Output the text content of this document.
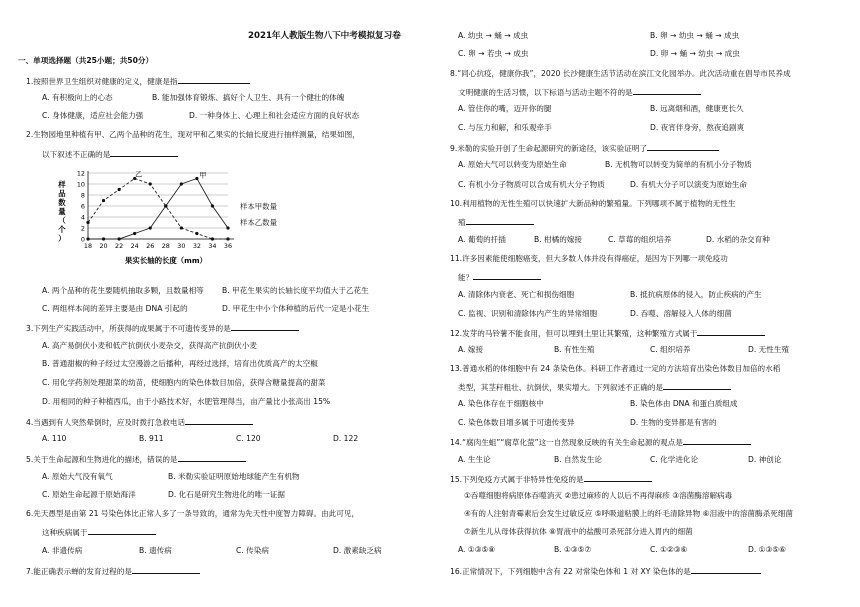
2021年人教版生物八下中考模拟复习卷
一、单项选择题（共25小题；共50分）
1.按照世界卫生组织对健康的定义，健康是指
A. 有积极向上的心态	B. 能加强体育锻炼、搞好个人卫生、具有一个健壮的体魄
C. 身体健康，适应社会能力强	D. 一种身体上、心理上和社会适应方面的良好状态
2.生物园地里种植有甲、乙两个品种的花生，现对甲和乙果实的长轴长度进行抽样测量，结果如图，
以下叙述不正确的是
0
2
4
6
8
10
12
18 20 22 24 26 28 30 32 34 36
样
品
数
量
（
个
）
果实长轴的长度（mm）
乙	甲
样本甲数量
样本乙数量
A. 两个品种的花生要随机抽取多颗，且数量相等 B. 甲花生果实的长轴长度平均值大于乙花生
C. 两组样本间的差异主要是由 DNA 引起的	D. 甲花生中小个体种植的后代一定是小花生
3.下列生产实践活动中，所获得的成果属于不可遗传变异的是
A. 高产易倒伏小麦和低产抗倒伏小麦杂交，获得高产抗倒伏小麦
B. 普通甜椒的种子经过太空漫游之后播种，再经过选择，培育出优质高产的太空椒
C. 用化学药剂处理甜菜的幼苗，使细胞内的染色体数目加倍，获得含糖量提高的甜菜
D. 用相同的种子种植西瓜，由于小路技术好，水肥管理得当，亩产量比小张高出 15%
4.当遇到有人突然晕倒时，应及时拨打急救电话
A. 110	B. 911	C. 120	D. 122
5.关于生命起源和生物进化的描述，错误的是
A. 原始大气没有氧气	B. 米勒实验证明原始地球能产生有机物
C. 原始生命起源于原始海洋	D. 化石是研究生物进化的唯一证据
6.先天愚型是由第 21 号染色体比正常人多了一条导致的，通常为先天性中度智力障碍。由此可见，
这种疾病属于
A. 非遗传病	B. 遗传病	C. 传染病	D. 激素缺乏病
7.能正确表示蝉的发育过程的是
A. 幼虫 → 蛹 → 成虫	B. 卵 → 幼虫 → 蛹 → 成虫
C. 卵 → 若虫 → 成虫	D. 卵 → 蛹 → 幼虫 → 成虫
8.“同心抗疫，健康你我”，2020 长沙健康生活节活动在滨江文化园举办。此次活动重在倡导市民养成
文明健康的生活习惯，以下标语与活动主题不符的是
A. 管住你的嘴，迈开你的腿	B. 远离烟和酒，健康更长久
C. 与压力和解，和乐观牵手	D. 夜宵伴身旁，熬夜追剧爽
9.米勒的实验开创了生命起源研究的新途径，该实验证明了
A. 原始大气可以转变为原始生命	B. 无机物可以转变为简单的有机小分子物质
C. 有机小分子物质可以合成有机大分子物质	D. 有机大分子可以演变为原始生命
10.利用植物的无性生殖可以快速扩大新品种的繁殖量。下列哪项不属于植物的无性生
殖
A. 葡萄的扦插	B. 柑橘的嫁接	C. 草莓的组织培养	D. 水稻的杂交育种
11.许多因素能使细胞癌变，但大多数人体并没有得癌症，是因为下列哪一项免疫功
能？
A. 清除体内衰老、死亡和损伤细胞	B. 抵抗病原体的侵入，防止疾病的产生
C. 监视、识别和清除体内产生的异常细胞	D. 吞噬、溶解侵入人体的细菌
12.发芽的马铃薯不能食用，但可以埋到土里让其繁殖，这种繁殖方式属于
A. 嫁接	B. 有性生殖	C. 组织培养	D. 无性生殖
13.普通水稻的体细胞中有 24 条染色体。科研工作者通过一定的方法培育出染色体数目加倍的水稻
类型，其茎秆粗壮、抗倒伏，果实增大。下列叙述不正确的是
A. 染色体存在于细胞核中	B. 染色体由 DNA 和蛋白质组成
C. 染色体数目增多属于可遗传变异	D. 生物的变异都是有害的
14.“腐肉生蛆”“腐草化萤”这一自然现象反映的有关生命起源的观点是
A. 生生论	B. 自然发生论	C. 化学进化论	D. 神创论
15.下列免疫方式属于非特异性免疫的是
①吞噬细胞将病原体吞噬消灭 ②患过麻疹的人以后不再得麻疹 ③溶菌酶溶解病毒
④有的人注射青霉素后会发生过敏反应 ⑤呼吸道粘膜上的纤毛清除异物 ⑥泪液中的溶菌酶杀死细菌
⑦新生儿从母体获得抗体 ⑧胃液中的盐酸可杀死部分进入胃内的细菌
A. ①③⑤⑧	B. ①③⑤⑦	C. ①②③⑥	D. ①③⑤⑥
16.正常情况下，下列细胞中含有 22 对常染色体和 1 对 XY 染色体的是
